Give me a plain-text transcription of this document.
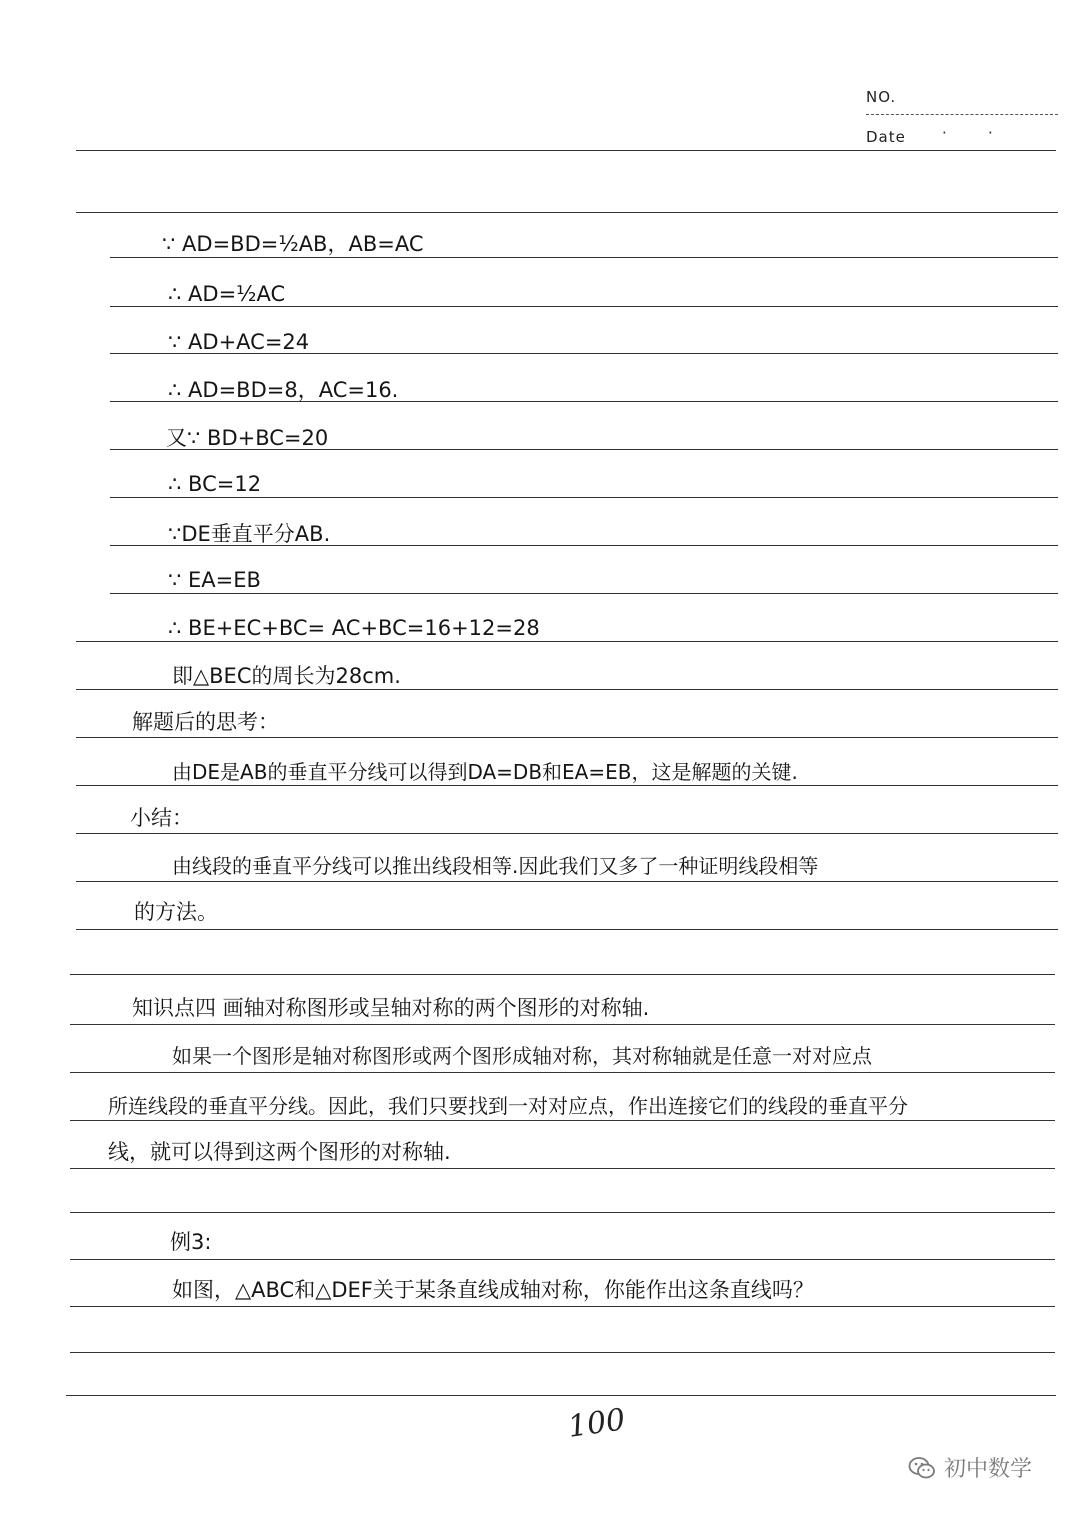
NO.
Date ·	·
∵ AD=BD=½AB，AB=AC
∴ AD=½AC
∵ AD+AC=24
∴ AD=BD=8，AC=16.
又∵ BD+BC=20
∴ BC=12
∵DE垂直平分AB.
∵ EA=EB
∴ BE+EC+BC= AC+BC=16+12=28
即△BEC的周长为28cm.
解题后的思考：
由DE是AB的垂直平分线可以得到DA=DB和EA=EB，这是解题的关键.
小结：
由线段的垂直平分线可以推出线段相等.因此我们又多了一种证明线段相等
的方法。
知识点四 画轴对称图形或呈轴对称的两个图形的对称轴.
如果一个图形是轴对称图形或两个图形成轴对称，其对称轴就是任意一对对应点
所连线段的垂直平分线。因此，我们只要找到一对对应点，作出连接它们的线段的垂直平分
线，就可以得到这两个图形的对称轴.
例3:
如图，△ABC和△DEF关于某条直线成轴对称，你能作出这条直线吗？
100
初中数学
